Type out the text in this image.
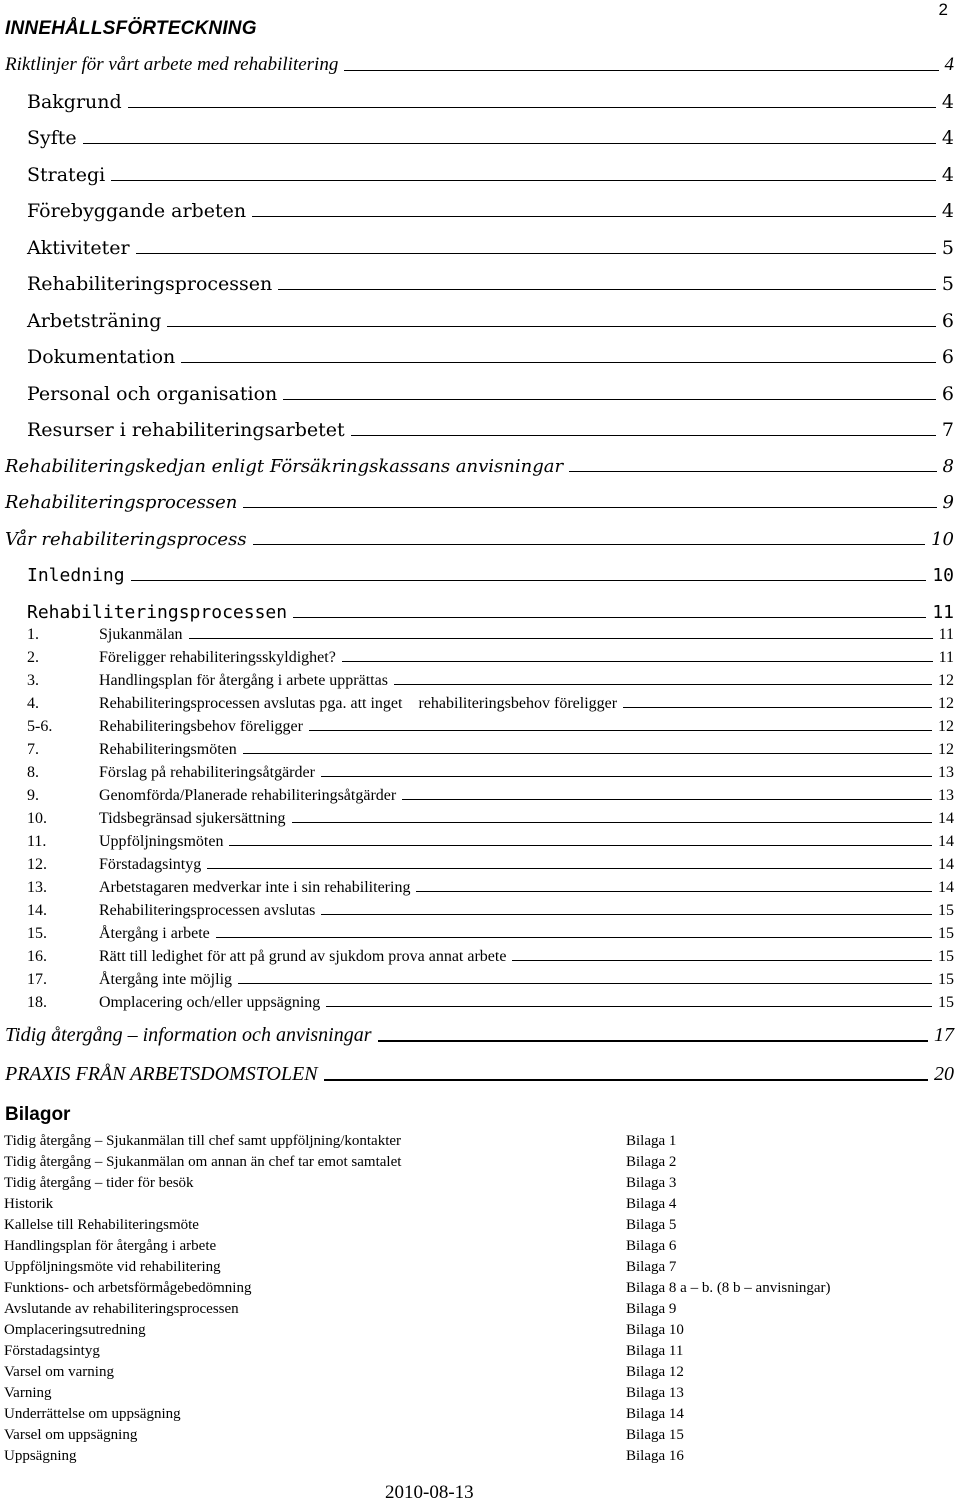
2
INNEHÅLLSFÖRTECKNING
Riktlinjer för vårt arbete med rehabilitering	4
Bakgrund	4
Syfte	4
Strategi	4
Förebyggande arbeten	4
Aktiviteter	5
Rehabiliteringsprocessen	5
Arbetsträning	6
Dokumentation	6
Personal och organisation	6
Resurser i rehabiliteringsarbetet	7
Rehabiliteringskedjan enligt Försäkringskassans anvisningar	8
Rehabiliteringsprocessen	9
Vår rehabiliteringsprocess	10
Inledning	10
Rehabiliteringsprocessen	11
1.	Sjukanmälan	11
2.	Föreligger rehabiliteringsskyldighet?	11
3.	Handlingsplan för återgång i arbete upprättas	12
4.	Rehabiliteringsprocessen avslutas pga. att inget    rehabiliteringsbehov föreligger	12
5-6.	Rehabiliteringsbehov föreligger	12
7.	Rehabiliteringsmöten	12
8.	Förslag på rehabiliteringsåtgärder	13
9.	Genomförda/Planerade rehabiliteringsåtgärder	13
10.	Tidsbegränsad sjukersättning	14
11.	Uppföljningsmöten	14
12.	Förstadagsintyg	14
13.	Arbetstagaren medverkar inte i sin rehabilitering	14
14.	Rehabiliteringsprocessen avslutas	15
15.	Återgång i arbete	15
16.	Rätt till ledighet för att på grund av sjukdom prova annat arbete	15
17.	Återgång inte möjlig	15
18.	Omplacering och/eller uppsägning	15
Tidig återgång – information och anvisningar	17
PRAXIS FRÅN ARBETSDOMSTOLEN	20
Bilagor
Tidig återgång – Sjukanmälan till chef samt uppföljning/kontakter	Bilaga 1
Tidig återgång – Sjukanmälan om annan än chef tar emot samtalet	Bilaga 2
Tidig återgång – tider för besök	Bilaga 3
Historik	Bilaga 4
Kallelse till Rehabiliteringsmöte	Bilaga 5
Handlingsplan för återgång i arbete	Bilaga 6
Uppföljningsmöte vid rehabilitering	Bilaga 7
Funktions- och arbetsförmågebedömning	Bilaga 8 a – b. (8 b – anvisningar)
Avslutande av rehabiliteringsprocessen	Bilaga 9
Omplaceringsutredning	Bilaga 10
Förstadagsintyg	Bilaga 11
Varsel om varning	Bilaga 12
Varning	Bilaga 13
Underrättelse om uppsägning	Bilaga 14
Varsel om uppsägning	Bilaga 15
Uppsägning	Bilaga 16
2010-08-13
